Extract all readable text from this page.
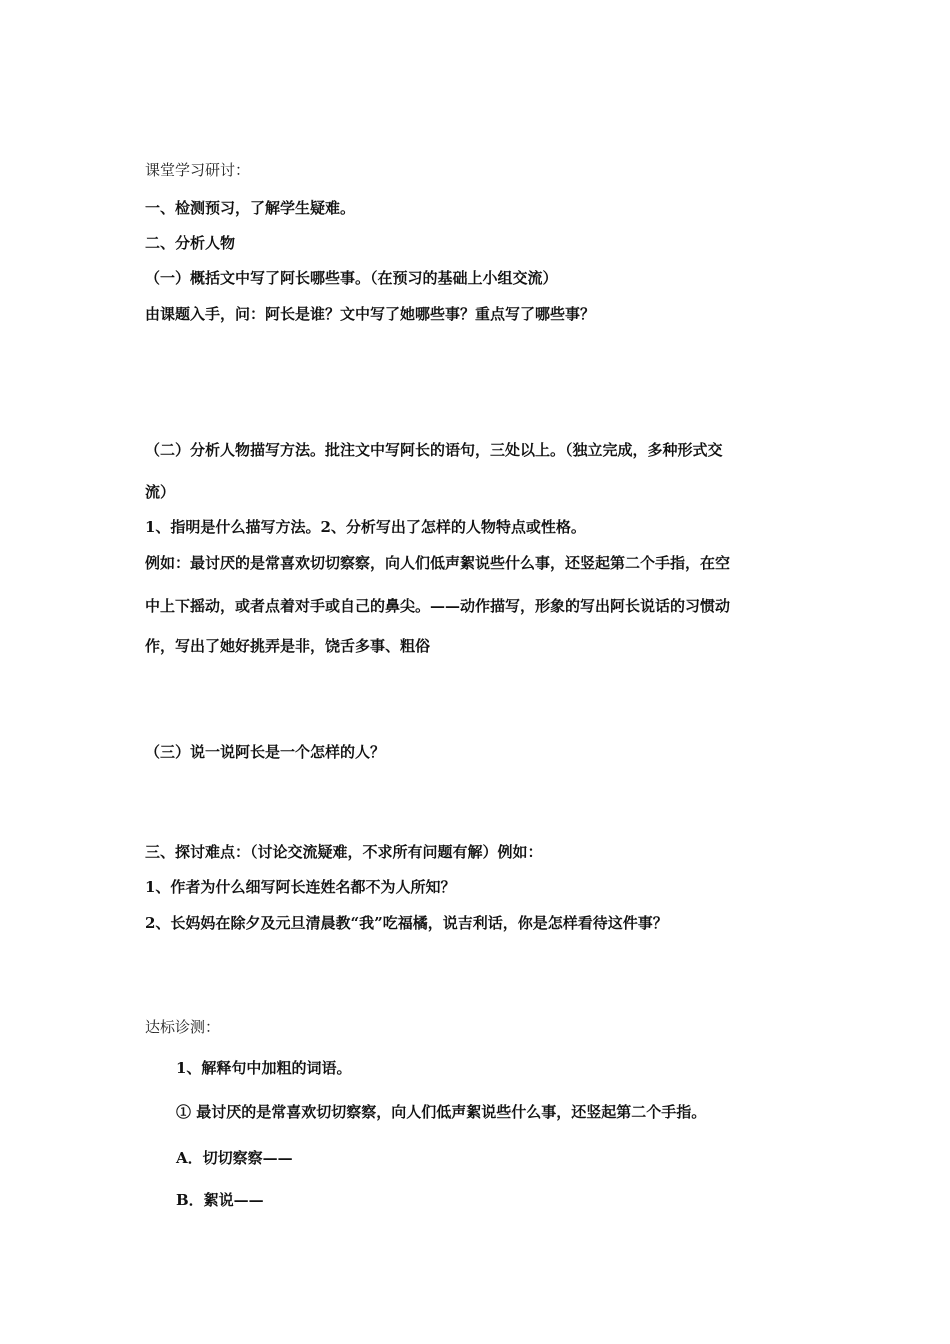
课堂学习研讨：
一、检测预习，了解学生疑难。
二、分析人物
（一）概括文中写了阿长哪些事。（在预习的基础上小组交流）
由课题入手，问：阿长是谁？文中写了她哪些事？重点写了哪些事？
（二）分析人物描写方法。批注文中写阿长的语句，三处以上。（独立完成，多种形式交
流）
1、指明是什么描写方法。2、分析写出了怎样的人物特点或性格。
例如：最讨厌的是常喜欢切切察察，向人们低声絮说些什么事，还竖起第二个手指，在空
中上下摇动，或者点着对手或自己的鼻尖。——动作描写，形象的写出阿长说话的习惯动
作，写出了她好挑弄是非，饶舌多事、粗俗
（三）说一说阿长是一个怎样的人？
三、探讨难点：（讨论交流疑难，不求所有问题有解）例如：
1、作者为什么细写阿长连姓名都不为人所知？
2、长妈妈在除夕及元旦清晨教“我”吃福橘，说吉利话，你是怎样看待这件事？
达标诊测：
1、解释句中加粗的词语。
① 最讨厌的是常喜欢切切察察，向人们低声絮说些什么事，还竖起第二个手指。
A．切切察察——
B．絮说——
